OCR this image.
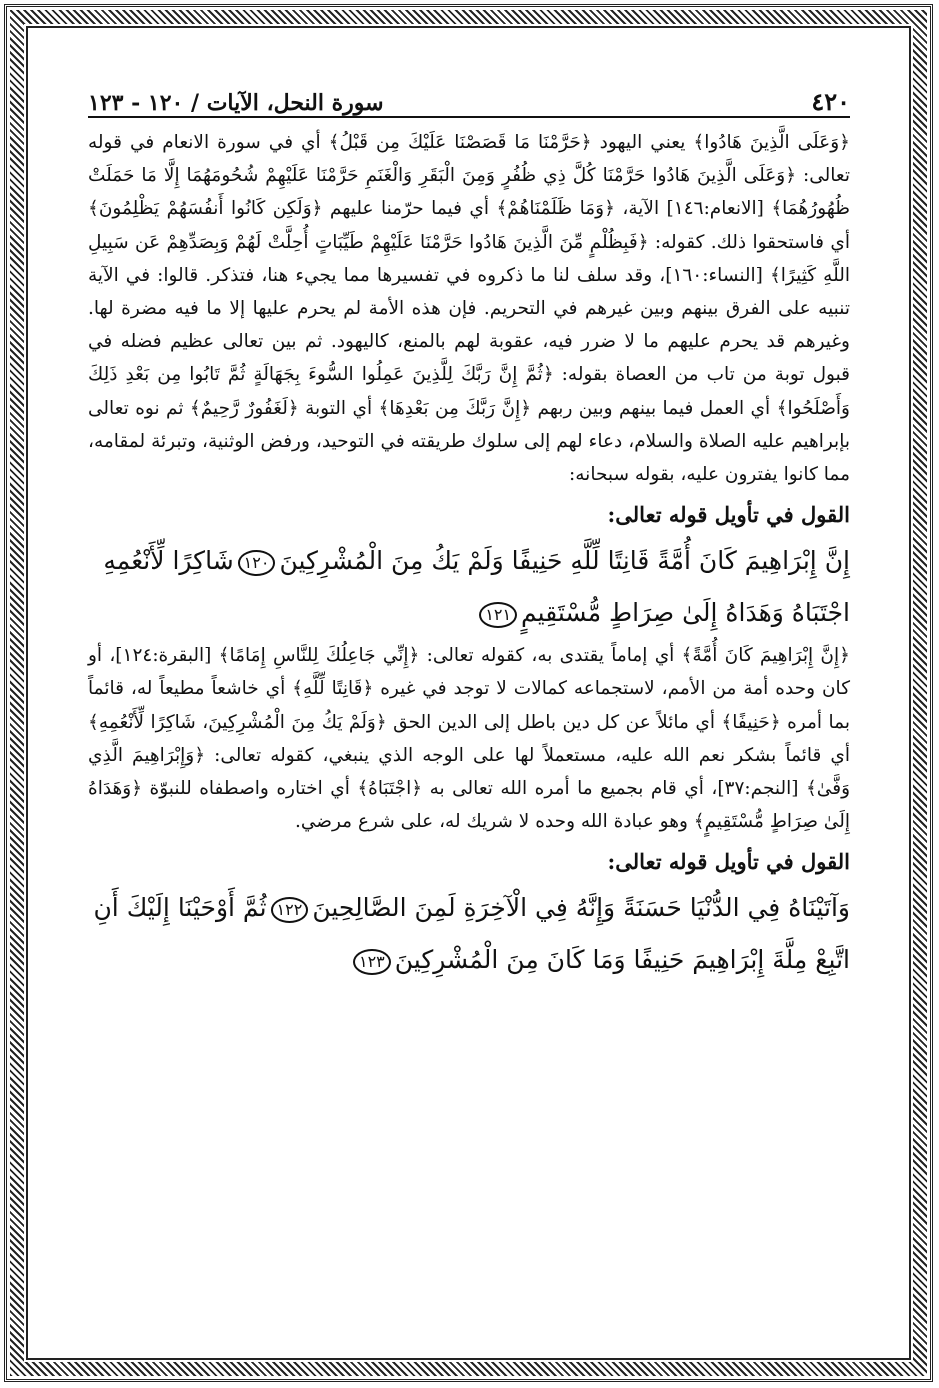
٤٢٠
سورة النحل، الآيات / ١٢٠ - ١٢٣

﴿وَعَلَى الَّذِينَ هَادُوا﴾ يعني اليهود ﴿حَرَّمْنَا مَا قَصَصْنَا عَلَيْكَ مِن قَبْلُ﴾ أي في سورة الانعام في قوله تعالى: ﴿وَعَلَى الَّذِينَ هَادُوا حَرَّمْنَا كُلَّ ذِي ظُفُرٍ وَمِنَ الْبَقَرِ وَالْغَنَمِ حَرَّمْنَا عَلَيْهِمْ شُحُومَهُمَا إِلَّا مَا حَمَلَتْ ظُهُورُهُمَا﴾ [الانعام:١٤٦] الآية، ﴿وَمَا ظَلَمْنَاهُمْ﴾ أي فيما حرّمنا عليهم ﴿وَلَكِن كَانُوا أَنفُسَهُمْ يَظْلِمُونَ﴾ أي فاستحقوا ذلك. كقوله: ﴿فَبِظُلْمٍ مِّنَ الَّذِينَ هَادُوا حَرَّمْنَا عَلَيْهِمْ طَيِّبَاتٍ أُحِلَّتْ لَهُمْ وَبِصَدِّهِمْ عَن سَبِيلِ اللَّهِ كَثِيرًا﴾ [النساء:١٦٠]، وقد سلف لنا ما ذكروه في تفسيرها مما يجيء هنا، فتذكر. قالوا: في الآية تنبيه على الفرق بينهم وبين غيرهم في التحريم. فإن هذه الأمة لم يحرم عليها إلا ما فيه مضرة لها. وغيرهم قد يحرم عليهم ما لا ضرر فيه، عقوبة لهم بالمنع، كاليهود. ثم بين تعالى عظيم فضله في قبول توبة من تاب من العصاة بقوله: ﴿ثُمَّ إِنَّ رَبَّكَ لِلَّذِينَ عَمِلُوا السُّوءَ بِجَهَالَةٍ ثُمَّ تَابُوا مِن بَعْدِ ذَلِكَ وَأَصْلَحُوا﴾ أي العمل فيما بينهم وبين ربهم ﴿إِنَّ رَبَّكَ مِن بَعْدِهَا﴾ أي التوبة ﴿لَغَفُورٌ رَّحِيمٌ﴾ ثم نوه تعالى بإبراهيم عليه الصلاة والسلام، دعاء لهم إلى سلوك طريقته في التوحيد، ورفض الوثنية، وتبرئة لمقامه، مما كانوا يفترون عليه، بقوله سبحانه:

القول في تأويل قوله تعالى:
إِنَّ إِبْرَاهِيمَ كَانَ أُمَّةً قَانِتًا لِّلَّهِ حَنِيفًا وَلَمْ يَكُ مِنَ الْمُشْرِكِينَ١٢٠شَاكِرًا لِّأَنْعُمِهِ
اجْتَبَاهُ وَهَدَاهُ إِلَىٰ صِرَاطٍ مُّسْتَقِيمٍ١٢١

﴿إِنَّ إِبْرَاهِيمَ كَانَ أُمَّةً﴾ أي إماماً يقتدى به، كقوله تعالى: ﴿إِنِّي جَاعِلُكَ لِلنَّاسِ إِمَامًا﴾ [البقرة:١٢٤]، أو كان وحده أمة من الأمم، لاستجماعه كمالات لا توجد في غيره ﴿قَانِتًا لِّلَّهِ﴾ أي خاشعاً مطيعاً له، قائماً بما أمره ﴿حَنِيفًا﴾ أي مائلاً عن كل دين باطل إلى الدين الحق ﴿وَلَمْ يَكُ مِنَ الْمُشْرِكِينَ، شَاكِرًا لِّأَنْعُمِهِ﴾ أي قائماً بشكر نعم الله عليه، مستعملاً لها على الوجه الذي ينبغي، كقوله تعالى: ﴿وَإِبْرَاهِيمَ الَّذِي وَفَّىٰ﴾ [النجم:٣٧]، أي قام بجميع ما أمره الله تعالى به ﴿اجْتَبَاهُ﴾ أي اختاره واصطفاه للنبوّة ﴿وَهَدَاهُ إِلَىٰ صِرَاطٍ مُّسْتَقِيمٍ﴾ وهو عبادة الله وحده لا شريك له، على شرع مرضي.

القول في تأويل قوله تعالى:
وَآتَيْنَاهُ فِي الدُّنْيَا حَسَنَةً وَإِنَّهُ فِي الْآخِرَةِ لَمِنَ الصَّالِحِينَ١٢٢ثُمَّ أَوْحَيْنَا إِلَيْكَ أَنِ
اتَّبِعْ مِلَّةَ إِبْرَاهِيمَ حَنِيفًا وَمَا كَانَ مِنَ الْمُشْرِكِينَ١٢٣
